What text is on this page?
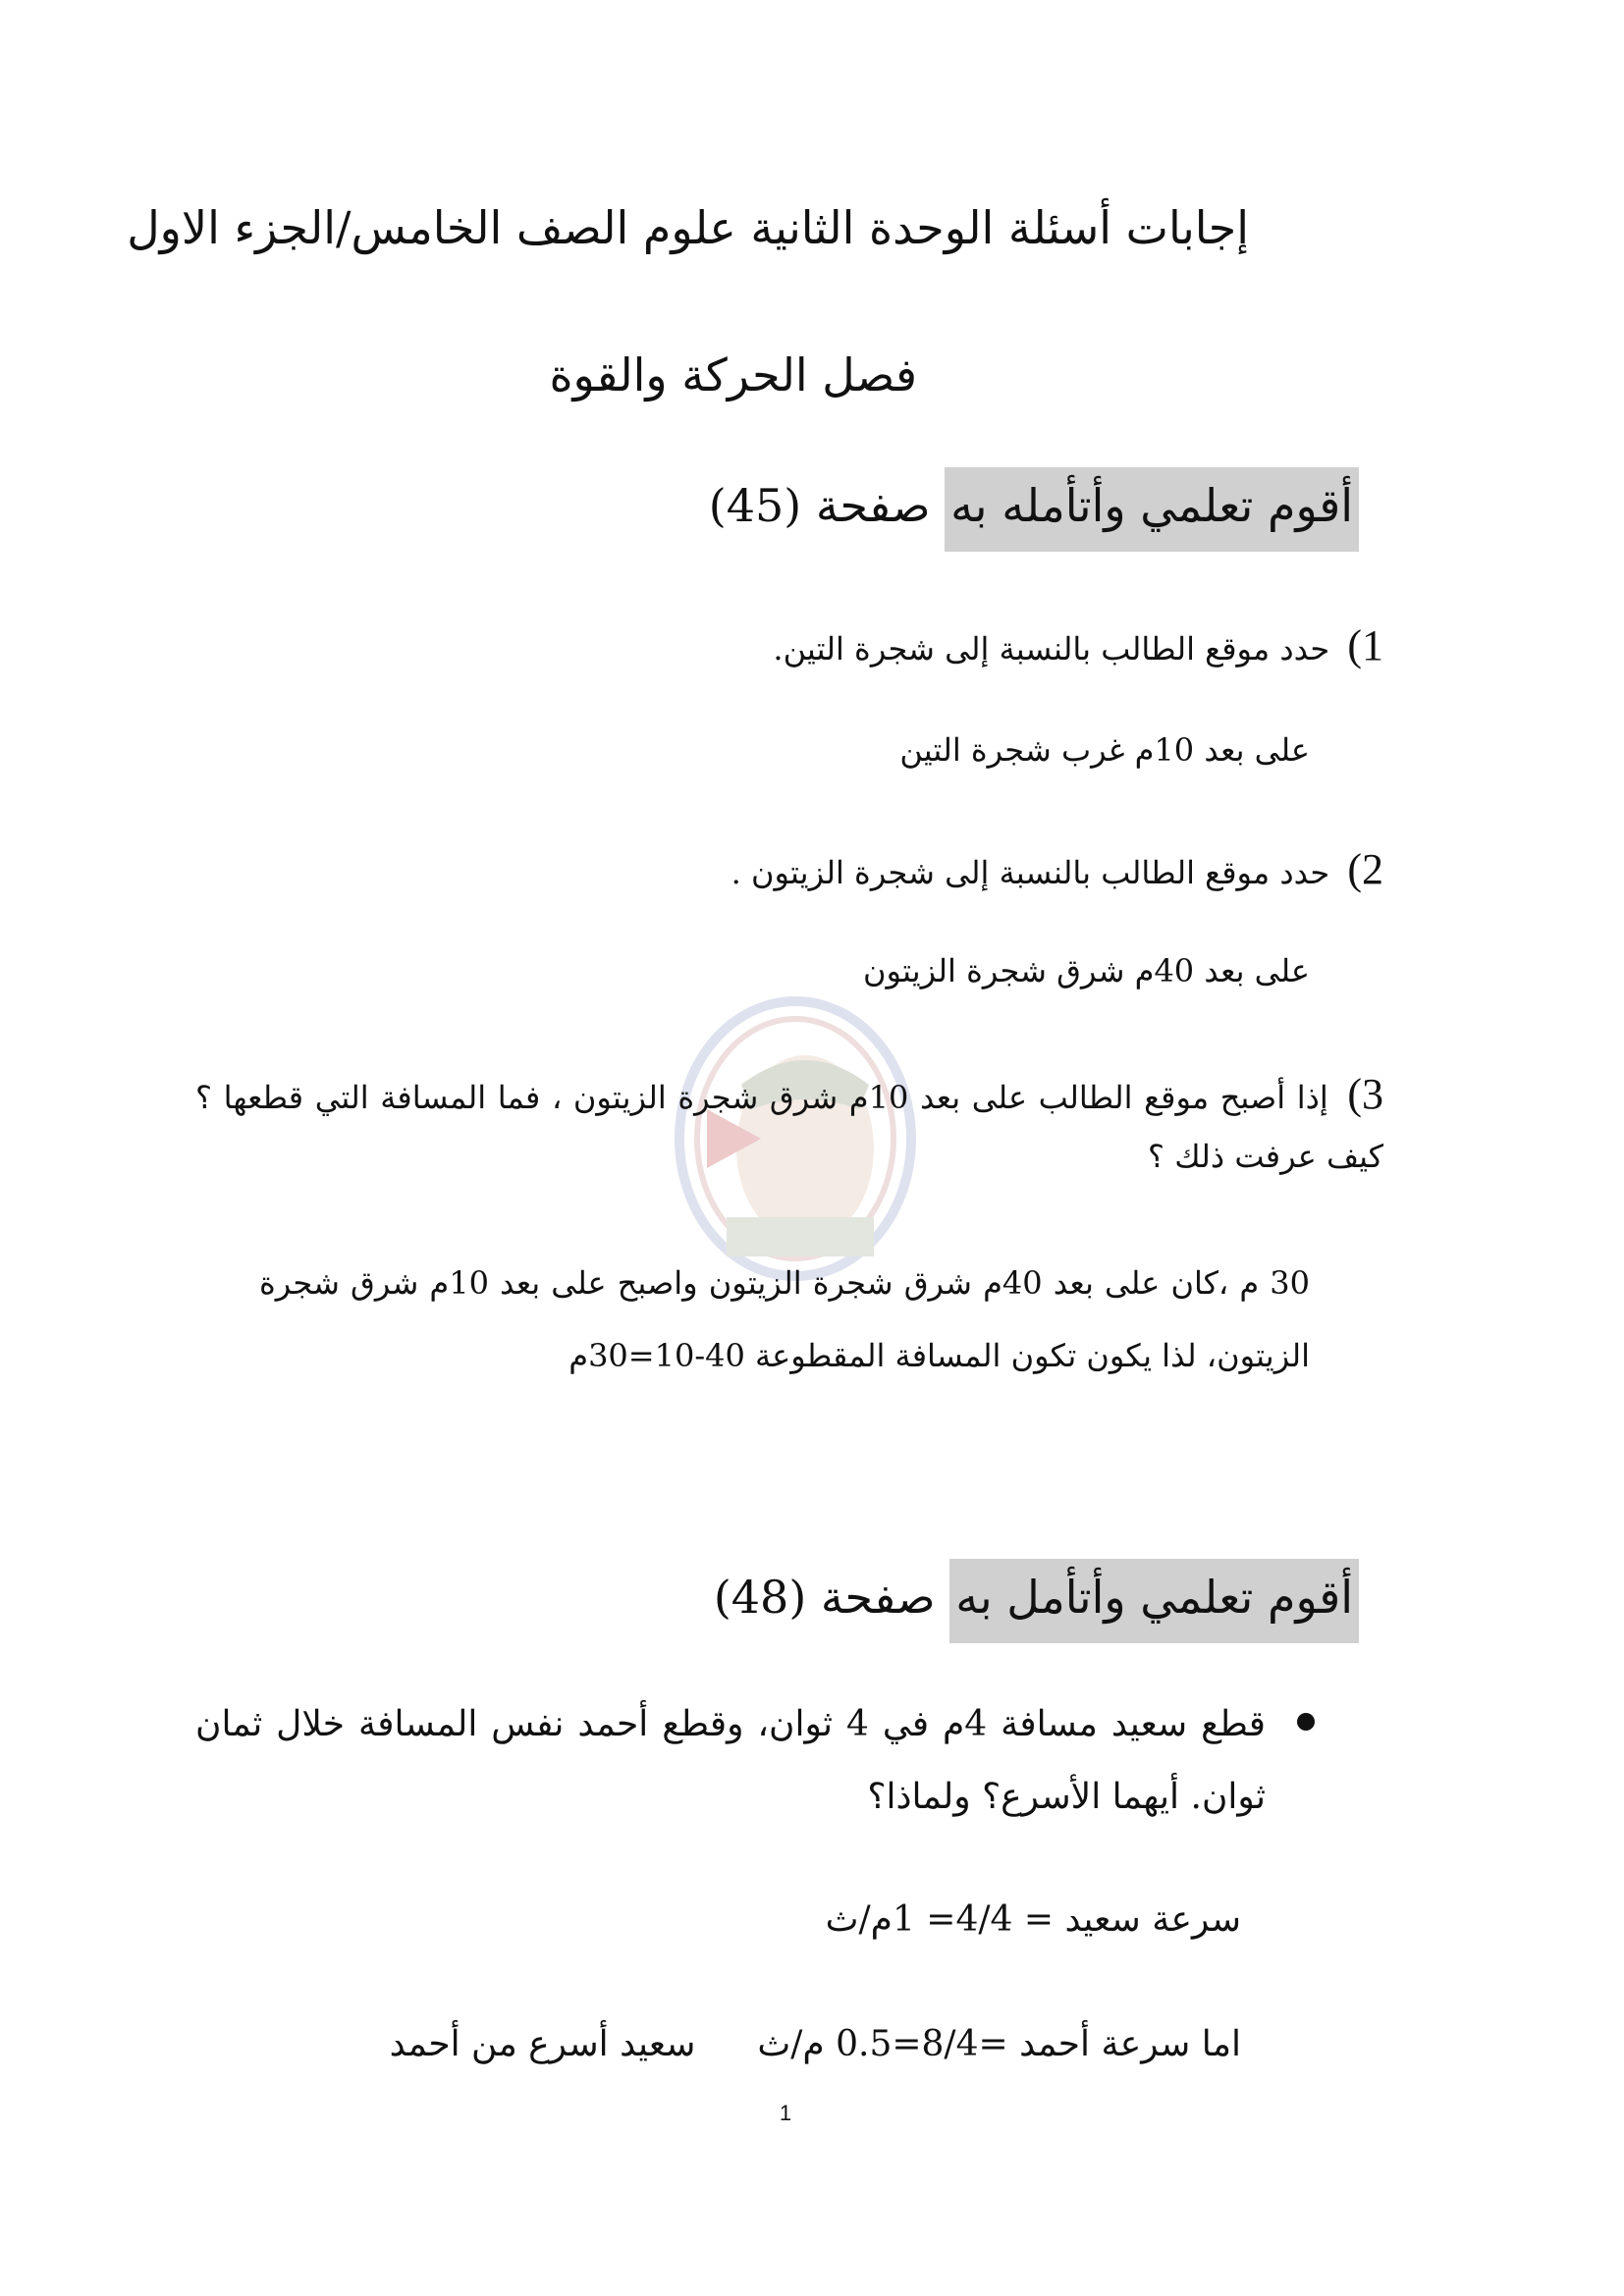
إجابات أسئلة الوحدة الثانية علوم الصف الخامس/الجزء الاول
فصل الحركة والقوة
أقوم تعلمي وأتأمله به صفحة (45)
1) حدد موقع الطالب بالنسبة إلى شجرة التين.
على بعد 10م غرب شجرة التين
2) حدد موقع الطالب بالنسبة إلى شجرة الزيتون .
على بعد 40م شرق شجرة الزيتون
3) إذا أصبح موقع الطالب على بعد 10م شرق شجرة الزيتون ، فما المسافة التي قطعها ؟كيف عرفت ذلك ؟
30 م ،كان على بعد 40م شرق شجرة الزيتون واصبح على بعد 10م شرق شجرة الزيتون، لذا يكون تكون المسافة المقطوعة 40-10=30م
أقوم تعلمي وأتأمل به صفحة (48)
قطع سعيد مسافة 4م في 4 ثوان، وقطع أحمد نفس المسافة خلال ثمان ثوان. أيهما الأسرع؟ ولماذا؟
سرعة سعيد = 4/4= 1م/ث
اما سرعة أحمد =8/4=0.5 م/ث  سعيد أسرع من أحمد
1
